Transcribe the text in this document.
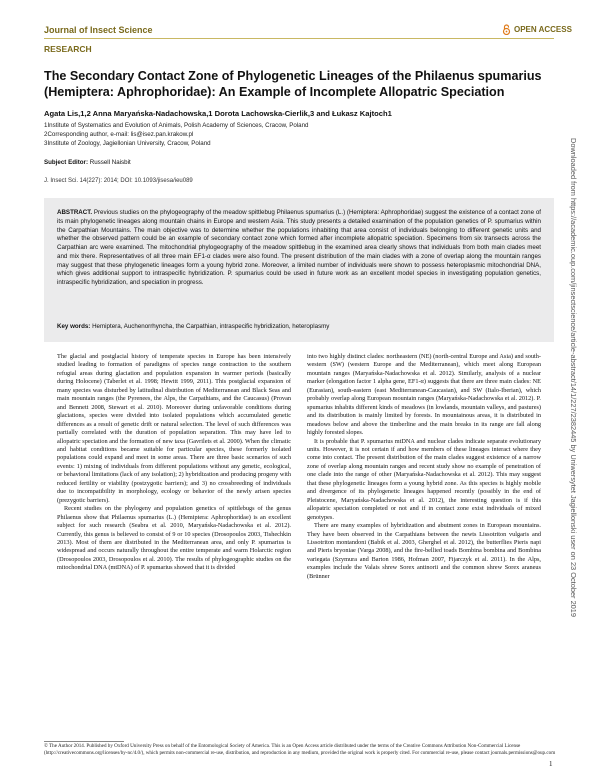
Journal of Insect Science	OPEN ACCESS
RESEARCH
The Secondary Contact Zone of Phylogenetic Lineages of the Philaenus spumarius (Hemiptera: Aphrophoridae): An Example of Incomplete Allopatric Speciation
Agata Lis,1,2 Anna Maryańska-Nadachowska,1 Dorota Lachowska-Cierlik,3 and Łukasz Kajtoch1
1Institute of Systematics and Evolution of Animals, Polish Academy of Sciences, Cracow, Poland
2Corresponding author, e-mail: lis@isez.pan.krakow.pl
3Institute of Zoology, Jagiellonian University, Cracow, Poland
Subject Editor: Russell Naisbit
J. Insect Sci. 14(227): 2014; DOI: 10.1093/jisesa/ieu089
ABSTRACT. Previous studies on the phylogeography of the meadow spittlebug Philaenus spumarius (L.) (Hemiptera: Aphrophoridae) suggest the existence of a contact zone of its main phylogenetic lineages along mountain chains in Europe and western Asia. This study presents a detailed examination of the population genetics of P. spumarius within the Carpathian Mountains. The main objective was to determine whether the populations inhabiting that area consist of individuals belonging to different genetic units and whether the observed pattern could be an example of secondary contact zone which formed after incomplete allopatric speciation. Specimens from six transects across the Carpathian arc were examined. The mitochondrial phylogeography of the meadow spittlebug in the examined area clearly shows that individuals from both main clades meet and mix there. Representatives of all three main EF1-α clades were also found. The present distribution of the main clades with a zone of overlap along the mountain ranges may suggest that these phylogenetic lineages form a young hybrid zone. Moreover, a limited number of individuals were shown to possess heteroplasmic mitochondrial DNA, which gives additional support to intraspecific hybridization. P. spumarius could be used in future work as an excellent model species in investigating population genetics, intraspecific hybridization, and speciation in progress.
Key words: Hemiptera, Auchenorrhyncha, the Carpathian, intraspecific hybridization, heteroplasmy

The glacial and postglacial history of temperate species in Europe has been intensively studied leading to formation of paradigms of species range contraction to the southern refugial areas during glaciation and population expansion in warmer periods (basically during Holocene) (Taberlet et al. 1998; Hewitt 1999, 2011). This postglacial expansion of many species was disturbed by latitudinal distribution of Mediterranean and Black Seas and main mountain ranges (the Pyrenees, the Alps, the Carpathians, and the Caucasus) (Provan and Bennett 2008, Stewart et al. 2010). Moreover during unfavorable conditions during glaciations, species were divided into isolated populations which accumulated genetic differences as a result of genetic drift or natural selection. The level of such differences was partially correlated with the duration of population separation. This may have led to allopatric speciation and the formation of new taxa (Gavrilets et al. 2000). When the climatic and habitat conditions became suitable for particular species, these formerly isolated populations could expand and meet in some areas. There are three basic scenarios of such events: 1) mixing of individuals from different populations without any genetic, ecological, or behavioral limitations (lack of any isolation); 2) hybridization and producing progeny with reduced fertility or viability (postzygotic barriers); and 3) no crossbreeding of individuals due to incompatibility in morphology, ecology or behavior of the newly arisen species (prezygotic barriers).

Recent studies on the phylogeny and population genetics of spittlebugs of the genus Philaenus show that Philaenus spumarius (L.) (Hemiptera: Aphrophoridae) is an excellent subject for such research (Seabra et al. 2010, Maryańska-Nadachowska et al. 2012). Currently, this genus is believed to consist of 9 or 10 species (Drosopoulos 2003, Tishechkin 2013). Most of them are distributed in the Mediterranean area, and only P. spumarius is widespread and occurs naturally throughout the entire temperate and warm Holarctic region (Drosopoulos 2003, Drosopoulos et al. 2010). The results of phylogeographic studies on the mitochondrial DNA (mtDNA) of P. spumarius showed that it is divided

into two highly distinct clades: northeastern (NE) (north-central Europe and Asia) and south-western (SW) (western Europe and the Mediterranean), which meet along European mountain ranges (Maryańska-Nadachowska et al. 2012). Similarly, analysis of a nuclear marker (elongation factor 1 alpha gene, EF1-α) suggests that there are three main clades: NE (Eurasian), south-eastern (east Mediterranean-Caucasian), and SW (Italo-Iberian), which probably overlap along European mountain ranges (Maryańska-Nadachowska et al. 2012). P. spumarius inhabits different kinds of meadows (in lowlands, mountain valleys, and pastures) and its distribution is mainly limited by forests. In mountainous areas, it is distributed in meadows below and above the timberline and the main breaks in its range are fall along highly forested slopes.

It is probable that P. spumarius mtDNA and nuclear clades indicate separate evolutionary units. However, it is not certain if and how members of these lineages interact where they come into contact. The present distribution of the main clades suggest existence of a narrow zone of overlap along mountain ranges and recent study show no example of penetration of one clade into the range of other (Maryańska-Nadachowska et al. 2012). This may suggest that these phylogenetic lineages form a young hybrid zone. As this species is highly mobile and divergence of its phylogenetic lineages happened recently (possibly in the end of Pleistocene, Maryańska-Nadachowska et al. 2012), the interesting question is if this allopatric speciation completed or not and if in contact zone exist individuals of mixed genotypes.

There are many examples of hybridization and abutment zones in European mountains. They have been observed in the Carpathians between the newts Lissotriton vulgaris and Lissotriton montandoni (Babik et al. 2003, Gherghel et al. 2012), the butterflies Pieris napi and Pieris bryoniae (Varga 2008), and the fire-bellied toads Bombina bombina and Bombina variegata (Szymura and Barton 1986, Hofman 2007, Fijarczyk et al. 2011). In the Alps, examples include the Valais shrew Sorex antinorii and the common shrew Sorex araneus (Brünner

© The Author 2014. Published by Oxford University Press on behalf of the Entomological Society of America. This is an Open Access article distributed under the terms of the Creative Commons Attribution Non-Commercial License (http://creativecommons.org/licenses/by-nc/4.0/), which permits non-commercial re-use, distribution, and reproduction in any medium, provided the original work is properly cited. For commercial re-use, please contact journals.permissions@oup.com
1
Downloaded from https://academic.oup.com/jinsectscience/article-abstract/14/1/227/2382445 by Uniwersytet Jagiellonski user on 23 October 2019
